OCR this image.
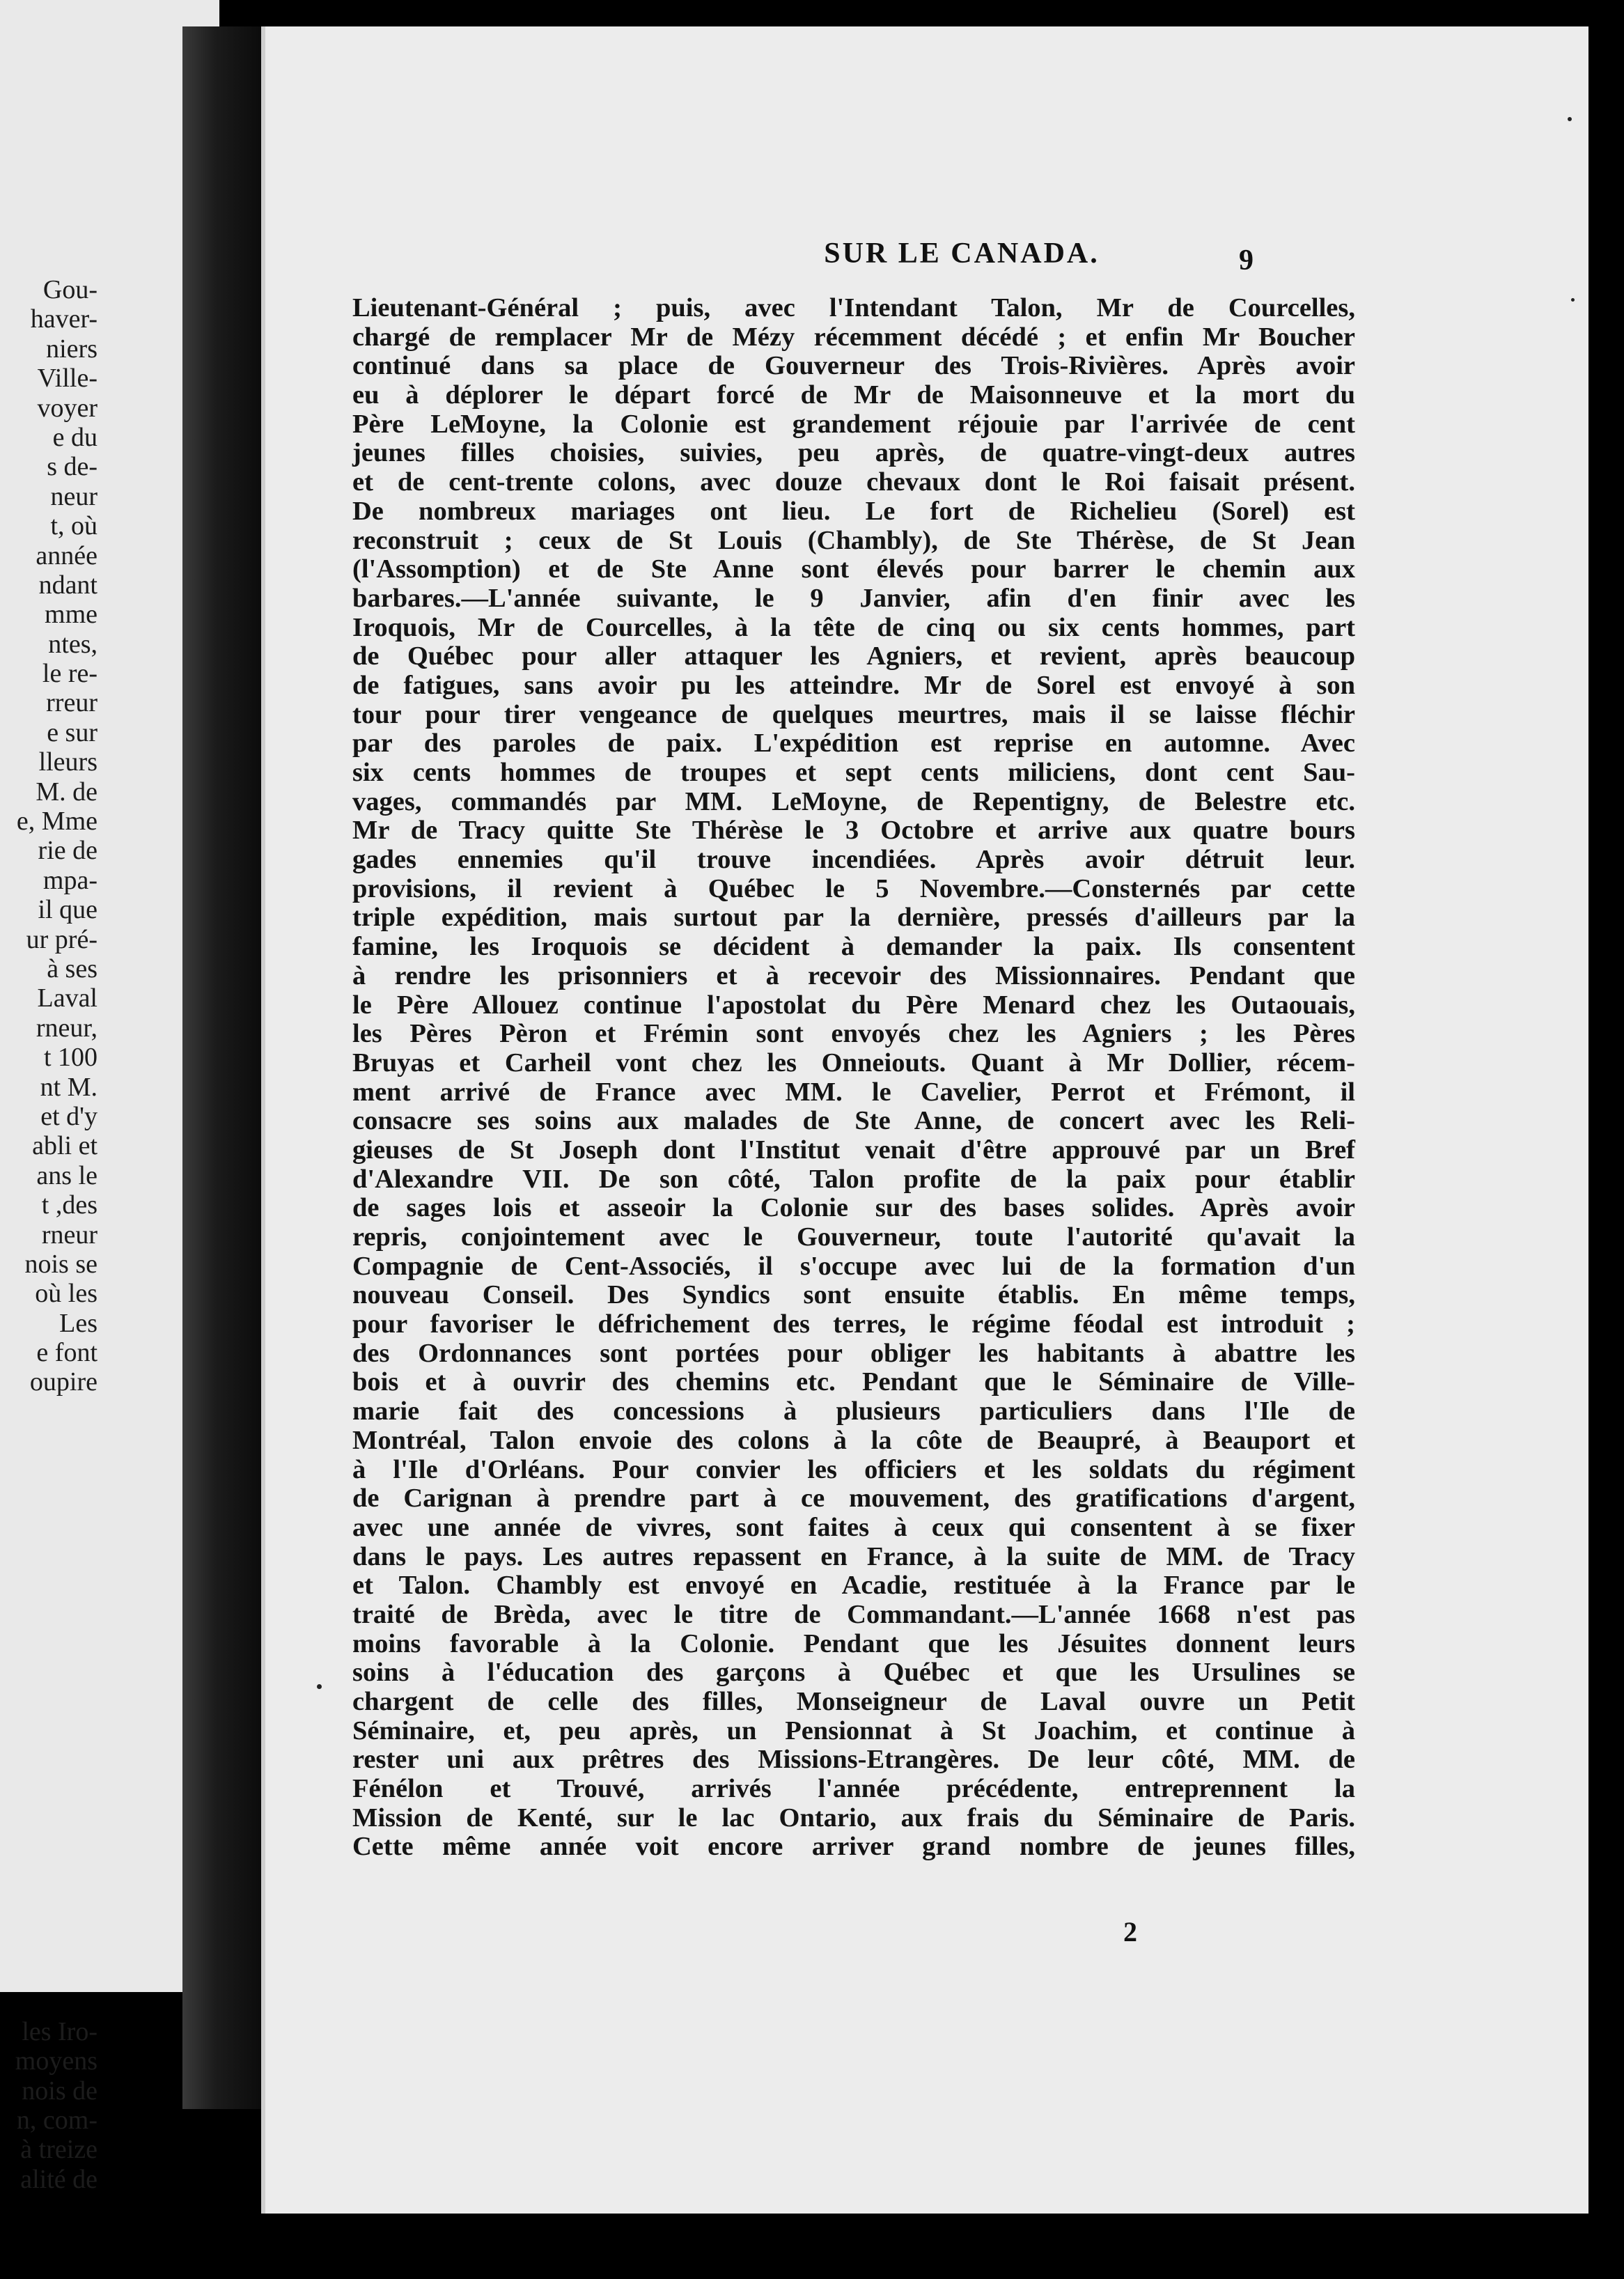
Gou-
haver-
niers
Ville-
voyer
e du
s de-
neur
t, où
année
ndant
mme
ntes,
le re-
rreur
e sur
lleurs
M. de
e, Mme
rie de
mpa-
il que
ur pré-
à ses
Laval
rneur,
t 100
nt M.
et d'y
abli et
ans le
t ,des
rneur
nois se
où les
Les
e font
oupire
les Iro-
moyens
nois de
n, com-
à treize
alité de
SUR LE CANADA.	9
Lieutenant-Général ; puis, avec l'Intendant Talon, Mr de Courcelles,
chargé de remplacer Mr de Mézy récemment décédé ; et enfin Mr Boucher
continué dans sa place de Gouverneur des Trois-Rivières. Après avoir
eu à déplorer le départ forcé de Mr de Maisonneuve et la mort du
Père LeMoyne, la Colonie est grandement réjouie par l'arrivée de cent
jeunes filles choisies, suivies, peu après, de quatre-vingt-deux autres
et de cent-trente colons, avec douze chevaux dont le Roi faisait présent.
De nombreux mariages ont lieu. Le fort de Richelieu (Sorel) est
reconstruit ; ceux de St Louis (Chambly), de Ste Thérèse, de St Jean
(l'Assomption) et de Ste Anne sont élevés pour barrer le chemin aux
barbares.—L'année suivante, le 9 Janvier, afin d'en finir avec les
Iroquois, Mr de Courcelles, à la tête de cinq ou six cents hommes, part
de Québec pour aller attaquer les Agniers, et revient, après beaucoup
de fatigues, sans avoir pu les atteindre. Mr de Sorel est envoyé à son
tour pour tirer vengeance de quelques meurtres, mais il se laisse fléchir
par des paroles de paix. L'expédition est reprise en automne. Avec
six cents hommes de troupes et sept cents miliciens, dont cent Sau-
vages, commandés par MM. LeMoyne, de Repentigny, de Belestre etc.
Mr de Tracy quitte Ste Thérèse le 3 Octobre et arrive aux quatre bours
gades ennemies qu'il trouve incendiées. Après avoir détruit leur.
provisions, il revient à Québec le 5 Novembre.—Consternés par cette
triple expédition, mais surtout par la dernière, pressés d'ailleurs par la
famine, les Iroquois se décident à demander la paix. Ils consentent
à rendre les prisonniers et à recevoir des Missionnaires. Pendant que
le Père Allouez continue l'apostolat du Père Menard chez les Outaouais,
les Pères Pèron et Frémin sont envoyés chez les Agniers ; les Pères
Bruyas et Carheil vont chez les Onneiouts. Quant à Mr Dollier, récem-
ment arrivé de France avec MM. le Cavelier, Perrot et Frémont, il
consacre ses soins aux malades de Ste Anne, de concert avec les Reli-
gieuses de St Joseph dont l'Institut venait d'être approuvé par un Bref
d'Alexandre VII. De son côté, Talon profite de la paix pour établir
de sages lois et asseoir la Colonie sur des bases solides. Après avoir
repris, conjointement avec le Gouverneur, toute l'autorité qu'avait la
Compagnie de Cent-Associés, il s'occupe avec lui de la formation d'un
nouveau Conseil. Des Syndics sont ensuite établis. En même temps,
pour favoriser le défrichement des terres, le régime féodal est introduit ;
des Ordonnances sont portées pour obliger les habitants à abattre les
bois et à ouvrir des chemins etc. Pendant que le Séminaire de Ville-
marie fait des concessions à plusieurs particuliers dans l'Ile de
Montréal, Talon envoie des colons à la côte de Beaupré, à Beauport et
à l'Ile d'Orléans. Pour convier les officiers et les soldats du régiment
de Carignan à prendre part à ce mouvement, des gratifications d'argent,
avec une année de vivres, sont faites à ceux qui consentent à se fixer
dans le pays. Les autres repassent en France, à la suite de MM. de Tracy
et Talon. Chambly est envoyé en Acadie, restituée à la France par le
traité de Brèda, avec le titre de Commandant.—L'année 1668 n'est pas
moins favorable à la Colonie. Pendant que les Jésuites donnent leurs
soins à l'éducation des garçons à Québec et que les Ursulines se
chargent de celle des filles, Monseigneur de Laval ouvre un Petit
Séminaire, et, peu après, un Pensionnat à St Joachim, et continue à
rester uni aux prêtres des Missions-Etrangères. De leur côté, MM. de
Fénélon et Trouvé, arrivés l'année précédente, entreprennent la
Mission de Kenté, sur le lac Ontario, aux frais du Séminaire de Paris.
Cette même année voit encore arriver grand nombre de jeunes filles,
2
